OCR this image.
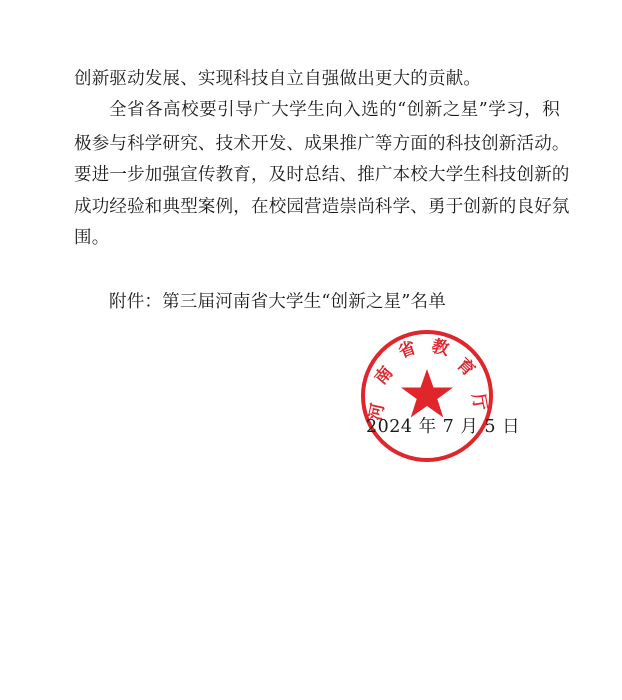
创新驱动发展、实现科技自立自强做出更大的贡献。
全省各高校要引导广大学生向入选的“创新之星”学习，积
极参与科学研究、技术开发、成果推广等方面的科技创新活动。
要进一步加强宣传教育，及时总结、推广本校大学生科技创新的
成功经验和典型案例，在校园营造崇尚科学、勇于创新的良好氛
围。
附件：第三届河南省大学生“创新之星”名单
河
南
省 教
育
厅
2024 年 7 月 5 日
